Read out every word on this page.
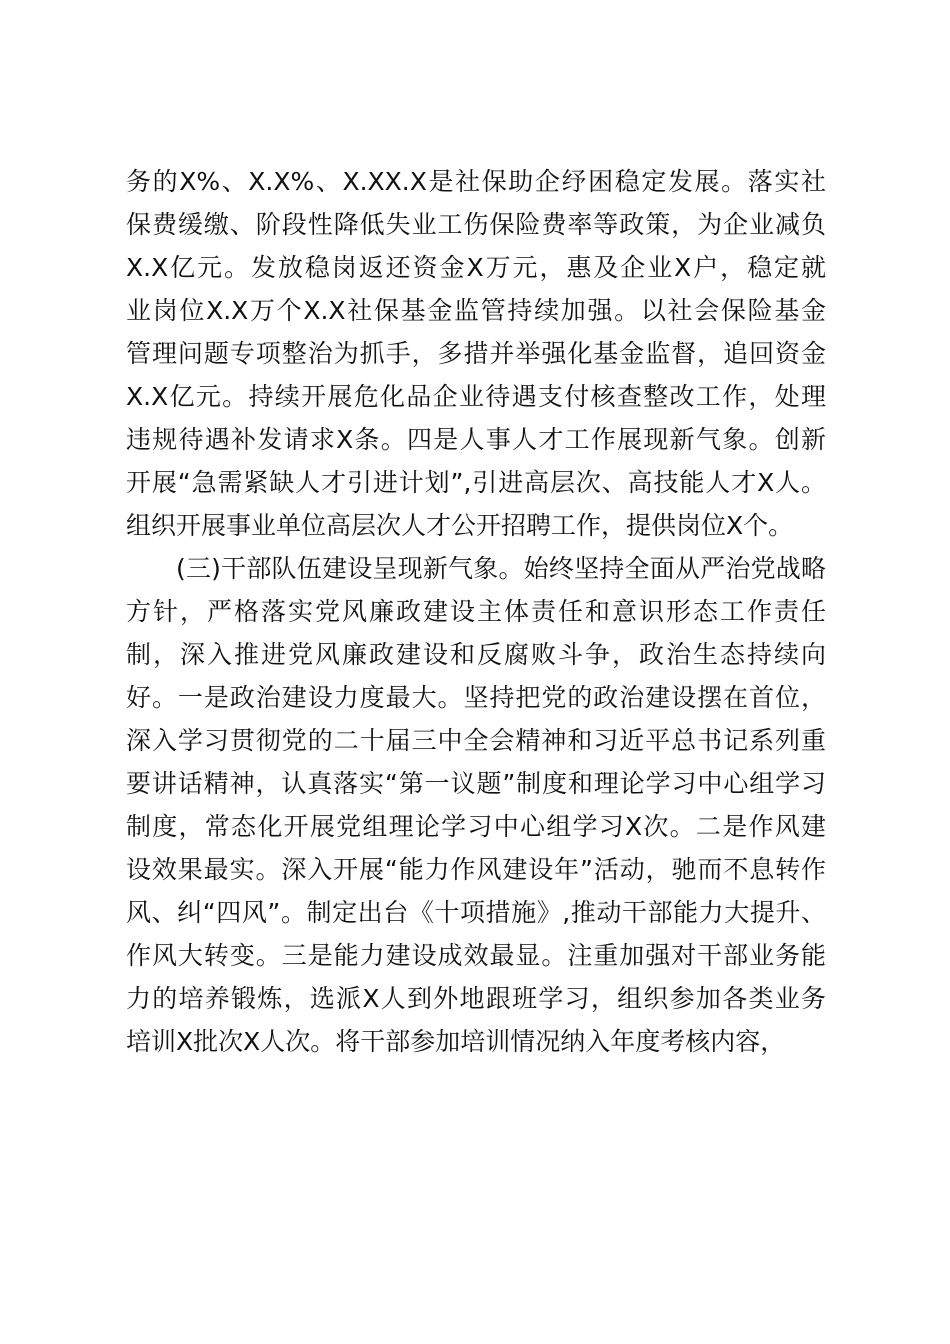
务的X%、X.X%、X.XX.X是社保助企纾困稳定发展。落实社
保费缓缴、阶段性降低失业工伤保险费率等政策，为企业减负
X.X亿元。发放稳岗返还资金X万元，惠及企业X户，稳定就
业岗位X.X万个X.X社保基金监管持续加强。以社会保险基金
管理问题专项整治为抓手，多措并举强化基金监督，追回资金
X.X亿元。持续开展危化品企业待遇支付核查整改工作，处理
违规待遇补发请求X条。四是人事人才工作展现新气象。创新
开展“急需紧缺人才引进计划”,引进高层次、高技能人才X人。
组织开展事业单位高层次人才公开招聘工作，提供岗位X个。
(三)干部队伍建设呈现新气象。始终坚持全面从严治党战略
方针，严格落实党风廉政建设主体责任和意识形态工作责任
制，深入推进党风廉政建设和反腐败斗争，政治生态持续向
好。一是政治建设力度最大。坚持把党的政治建设摆在首位，
深入学习贯彻党的二十届三中全会精神和习近平总书记系列重
要讲话精神，认真落实“第一议题”制度和理论学习中心组学习
制度，常态化开展党组理论学习中心组学习X次。二是作风建
设效果最实。深入开展“能力作风建设年”活动，驰而不息转作
风、纠“四风”。制定出台《十项措施》,推动干部能力大提升、
作风大转变。三是能力建设成效最显。注重加强对干部业务能
力的培养锻炼，选派X人到外地跟班学习，组织参加各类业务
培训X批次X人次。将干部参加培训情况纳入年度考核内容，
